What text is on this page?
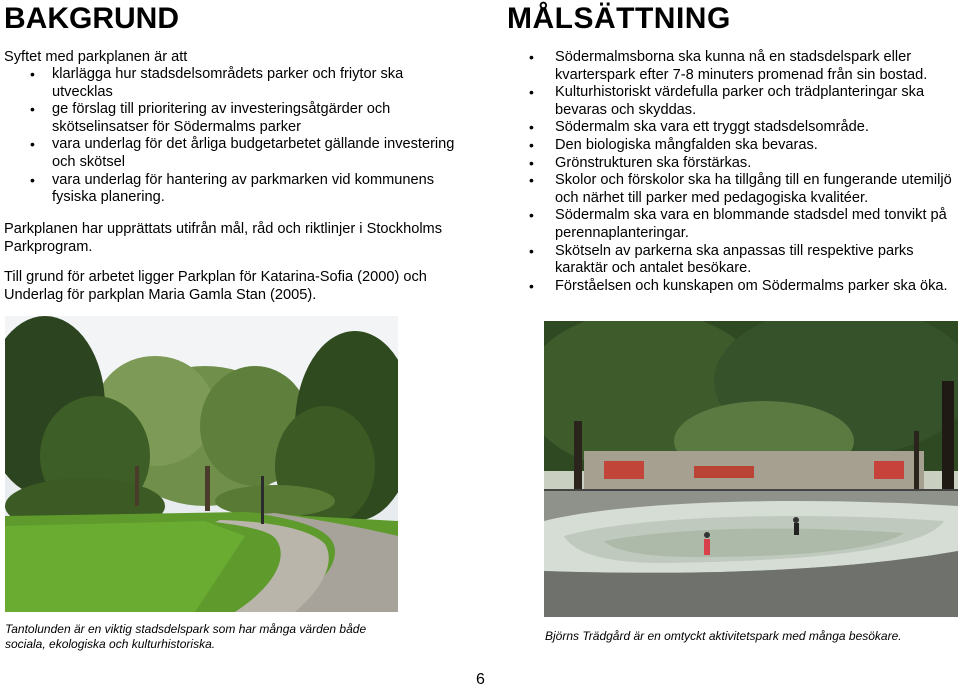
BAKGRUND

Syftet med parkplanen är att

• klarlägga hur stadsdelsområdets parker och friytor ska utvecklas
• ge förslag till prioritering av investeringsåtgärder och skötselinsatser för Södermalms parker
• vara underlag för det årliga budgetarbetet gällande investering och skötsel
• vara underlag för hantering av parkmarken vid kommunens fysiska planering.

Parkplanen har upprättats utifrån mål, råd och riktlinjer i Stockholms Parkprogram.

Till grund för arbetet ligger Parkplan för Katarina-Sofia (2000) och Underlag för parkplan Maria Gamla Stan (2005).

MÅLSÄTTNING
• Södermalmsborna ska kunna nå en stadsdelspark eller kvarterspark efter 7-8 minuters promenad från sin bostad.
• Kulturhistoriskt värdefulla parker och trädplanteringar ska bevaras och skyddas.
• Södermalm ska vara ett tryggt stadsdelsområde.
• Den biologiska mångfalden ska bevaras.
• Grönstrukturen ska förstärkas.
• Skolor och förskolor ska ha tillgång till en fungerande utemiljö och närhet till parker med pedagogiska kvalitéer.
• Södermalm ska vara en blommande stadsdel med tonvikt på perennaplanteringar.
• Skötseln av parkerna ska anpassas till respektive parks karaktär och antalet besökare.
• Förståelsen och kunskapen om Södermalms parker ska öka.

Tantolunden är en viktig stadsdelspark som har många värden både sociala, ekologiska och kulturhistoriska.

Björns Trädgård är en omtyckt aktivitetspark med många besökare.

6
